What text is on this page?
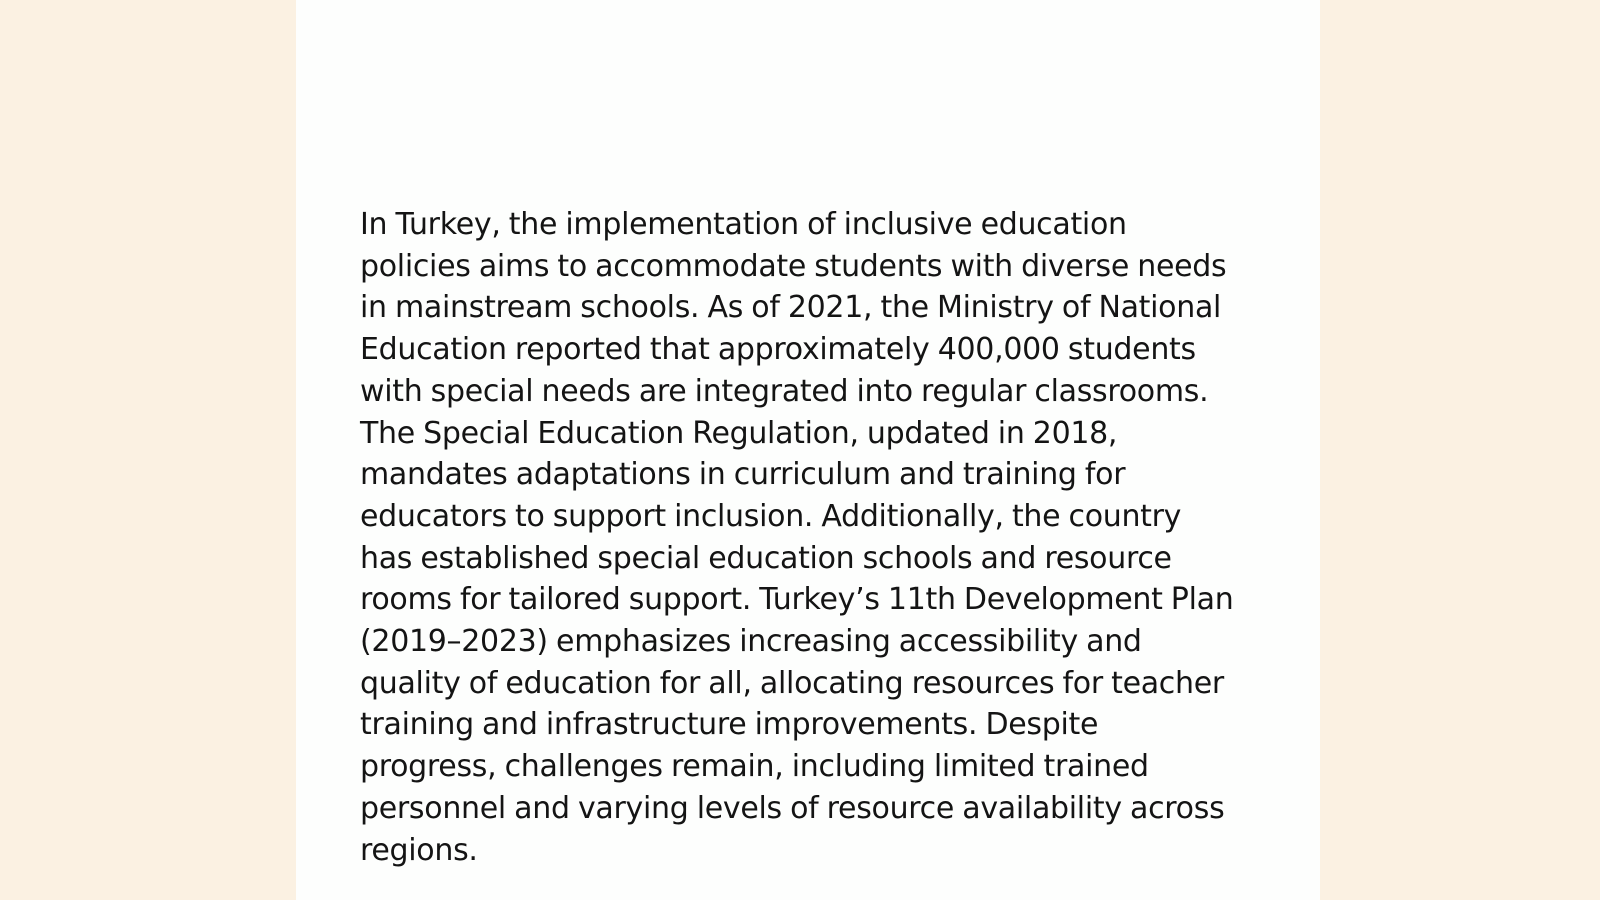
In Turkey, the implementation of inclusive education policies aims to accommodate students with diverse needs in mainstream schools. As of 2021, the Ministry of National Education reported that approximately 400,000 students with special needs are integrated into regular classrooms. The Special Education Regulation, updated in 2018, mandates adaptations in curriculum and training for educators to support inclusion. Additionally, the country has established special education schools and resource rooms for tailored support. Turkey’s 11th Development Plan (2019–2023) emphasizes increasing accessibility and quality of education for all, allocating resources for teacher training and infrastructure improvements. Despite progress, challenges remain, including limited trained personnel and varying levels of resource availability across regions.
